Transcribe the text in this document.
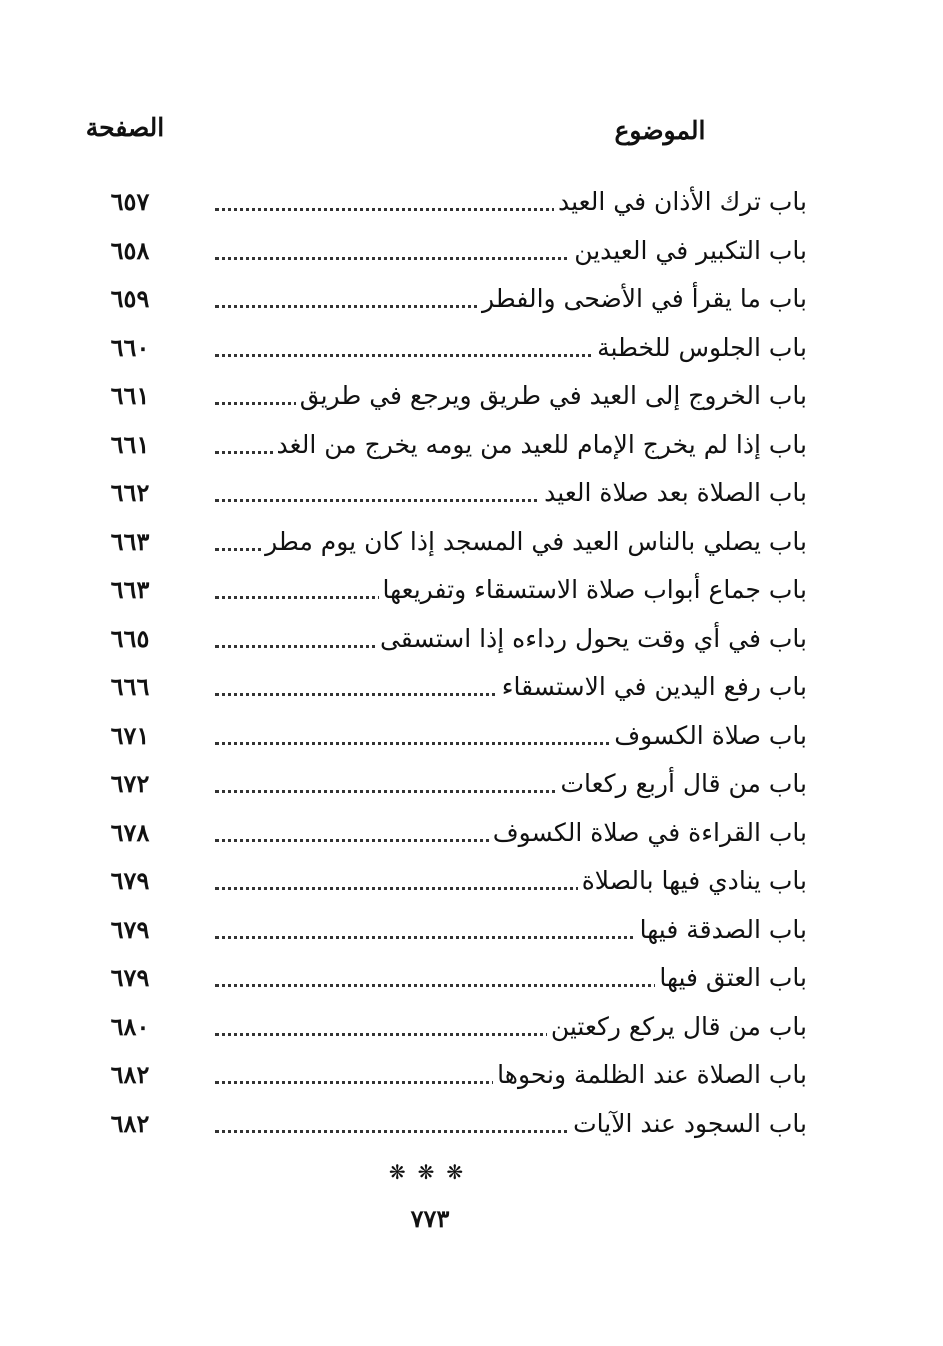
الموضوع
الصفحة
باب ترك الأذان في العيد
٦٥٧
باب التكبير في العيدين
٦٥٨
باب ما يقرأ في الأضحى والفطر
٦٥٩
باب الجلوس للخطبة
٦٦٠
باب الخروج إلى العيد في طريق ويرجع في طريق
٦٦١
باب إذا لم يخرج الإمام للعيد من يومه يخرج من الغد
٦٦١
باب الصلاة بعد صلاة العيد
٦٦٢
باب يصلي بالناس العيد في المسجد إذا كان يوم مطر
٦٦٣
باب جماع أبواب صلاة الاستسقاء وتفريعها
٦٦٣
باب في أي وقت يحول رداءه إذا استسقى
٦٦٥
باب رفع اليدين في الاستسقاء
٦٦٦
باب صلاة الكسوف
٦٧١
باب من قال أربع ركعات
٦٧٢
باب القراءة في صلاة الكسوف
٦٧٨
باب ينادي فيها بالصلاة
٦٧٩
باب الصدقة فيها
٦٧٩
باب العتق فيها
٦٧٩
باب من قال يركع ركعتين
٦٨٠
باب الصلاة عند الظلمة ونحوها
٦٨٢
باب السجود عند الآيات
٦٨٢
❋❋❋
٧٧٣
